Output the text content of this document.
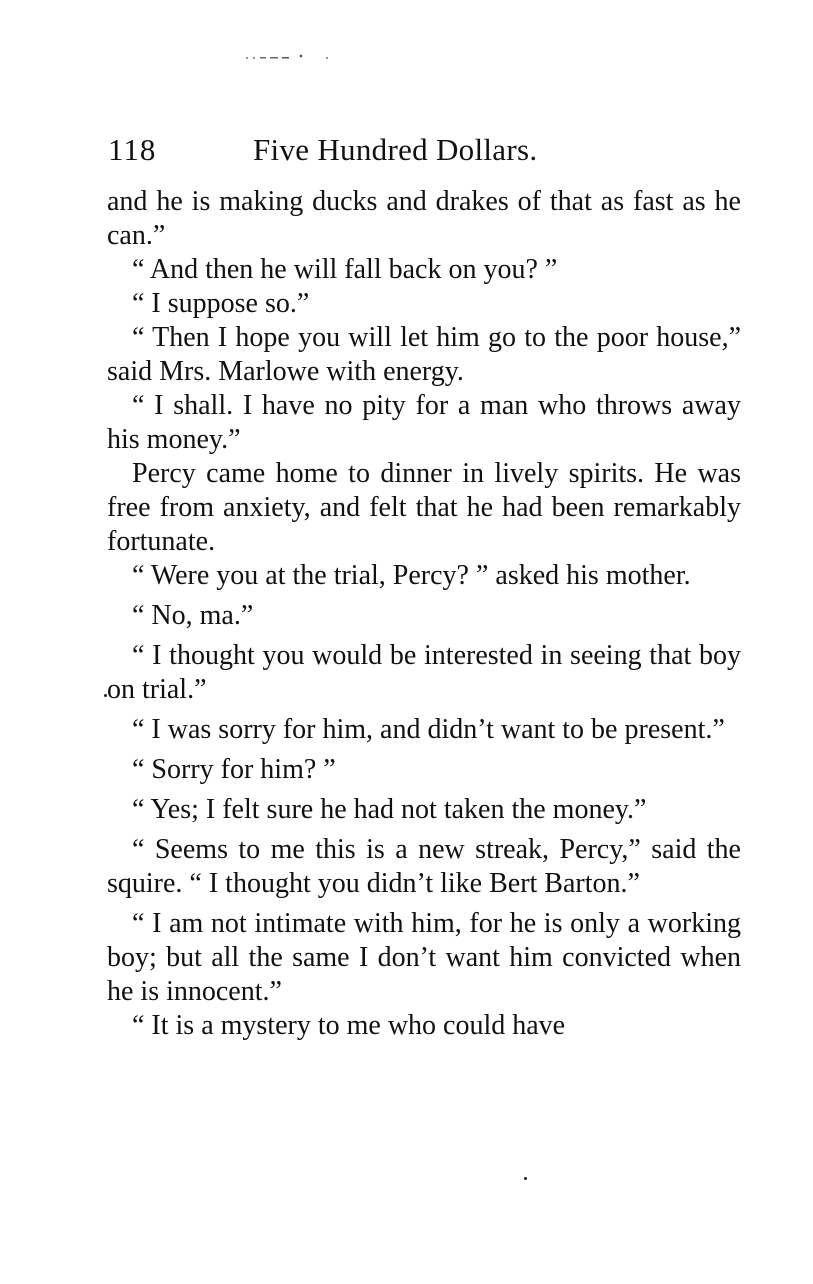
118	Five Hundred Dollars.

and he is making ducks and drakes of that as fast as he can.”

“ And then he will fall back on you? ”

“ I suppose so.”

“ Then I hope you will let him go to the poor house,” said Mrs. Marlowe with energy.

“ I shall. I have no pity for a man who throws away his money.”

Percy came home to dinner in lively spirits. He was free from anxiety, and felt that he had been remarkably fortunate.

“ Were you at the trial, Percy? ” asked his mother.

“ No, ma.”

“ I thought you would be interested in seeing that boy on trial.”

“ I was sorry for him, and didn’t want to be present.”

“ Sorry for him? ”

“ Yes; I felt sure he had not taken the money.”

“ Seems to me this is a new streak, Percy,” said the squire. “ I thought you didn’t like Bert Barton.”

“ I am not intimate with him, for he is only a working boy; but all the same I don’t want him convicted when he is innocent.”

“ It is a mystery to me who could have
